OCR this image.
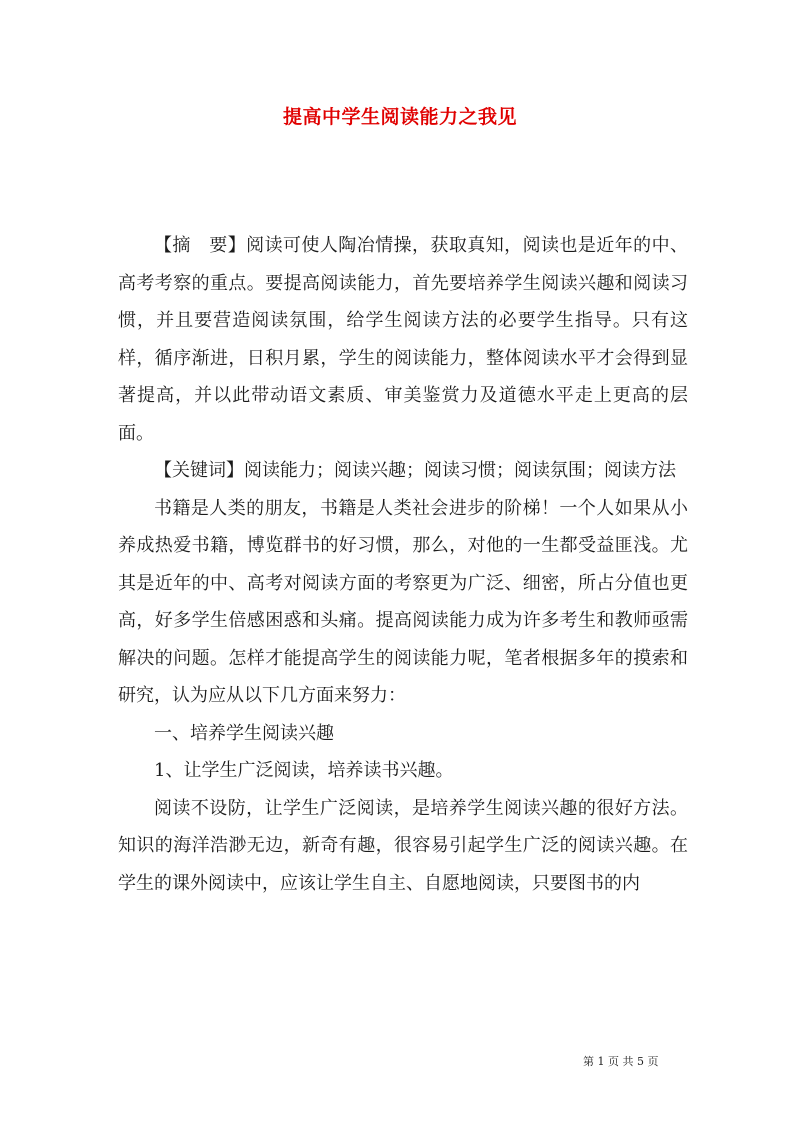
提高中学生阅读能力之我见

【摘　要】阅读可使人陶冶情操，获取真知，阅读也是近年的中、高考考察的重点。要提高阅读能力，首先要培养学生阅读兴趣和阅读习惯，并且要营造阅读氛围，给学生阅读方法的必要学生指导。只有这样，循序渐进，日积月累，学生的阅读能力，整体阅读水平才会得到显著提高，并以此带动语文素质、审美鉴赏力及道德水平走上更高的层面。

【关键词】阅读能力；阅读兴趣；阅读习惯；阅读氛围；阅读方法

书籍是人类的朋友，书籍是人类社会进步的阶梯！一个人如果从小养成热爱书籍，博览群书的好习惯，那么，对他的一生都受益匪浅。尤其是近年的中、高考对阅读方面的考察更为广泛、细密，所占分值也更高，好多学生倍感困惑和头痛。提高阅读能力成为许多考生和教师亟需解决的问题。怎样才能提高学生的阅读能力呢，笔者根据多年的摸索和研究，认为应从以下几方面来努力：

一、培养学生阅读兴趣

1、让学生广泛阅读，培养读书兴趣。

阅读不设防，让学生广泛阅读，是培养学生阅读兴趣的很好方法。知识的海洋浩渺无边，新奇有趣，很容易引起学生广泛的阅读兴趣。在学生的课外阅读中，应该让学生自主、自愿地阅读，只要图书的内

第 1 页 共 5 页
